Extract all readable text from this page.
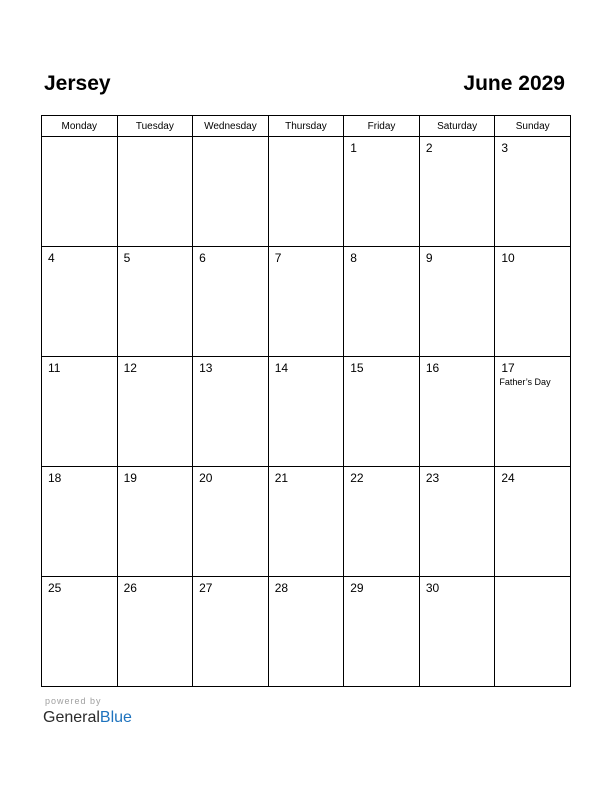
Jersey	June 2029
Monday	Tuesday	Wednesday	Thursday	Friday	Saturday	Sunday

				1	2	3

4	5	6	7	8	9	10

11	12	13	14	15	16	17
Father’s Day

18	19	20	21	22	23	24

25	26	27	28	29	30	

powered by
GeneralBlue
